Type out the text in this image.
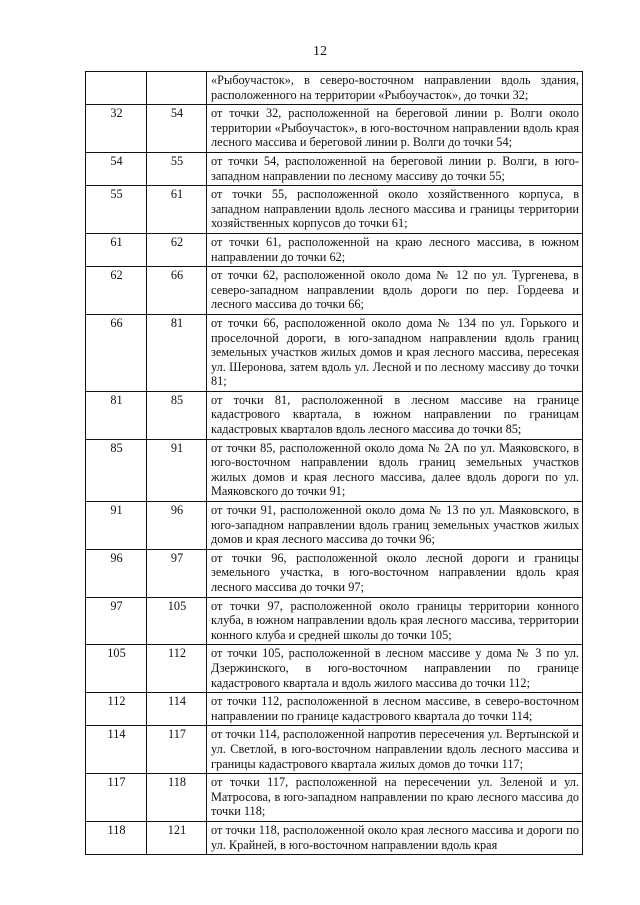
12
		«Рыбоучасток», в северо-восточном направлении вдоль здания, расположенного на территории «Рыбоучасток», до точки 32;
32	54	от точки 32, расположенной на береговой линии р. Волги около территории «Рыбоучасток», в юго-восточном направлении вдоль края лесного массива и береговой линии р. Волги до точки 54;
54	55	от точки 54, расположенной на береговой линии р. Волги, в юго-западном направлении по лесному массиву до точки 55;
55	61	от точки 55, расположенной около хозяйственного корпуса, в западном направлении вдоль лесного массива и границы территории хозяйственных корпусов до точки 61;
61	62	от точки 61, расположенной на краю лесного массива, в южном направлении до точки 62;
62	66	от точки 62, расположенной около дома № 12 по ул. Тургенева, в северо-западном направлении вдоль дороги по пер. Гордеева и лесного массива до точки 66;
66	81	от точки 66, расположенной около дома № 134 по ул. Горького и проселочной дороги, в юго-западном направлении вдоль границ земельных участков жилых домов и края лесного массива, пересекая ул. Шеронова, затем вдоль ул. Лесной и по лесному массиву до точки 81;
81	85	от точки 81, расположенной в лесном массиве на границе кадастрового квартала, в южном направлении по границам кадастровых кварталов вдоль лесного массива до точки 85;
85	91	от точки 85, расположенной около дома № 2А по ул. Маяковского, в юго-восточном направлении вдоль границ земельных участков жилых домов и края лесного массива, далее вдоль дороги по ул. Маяковского до точки 91;
91	96	от точки 91, расположенной около дома № 13 по ул. Маяковского, в юго-западном направлении вдоль границ земельных участков жилых домов и края лесного массива до точки 96;
96	97	от точки 96, расположенной около лесной дороги и границы земельного участка, в юго-восточном направлении вдоль края лесного массива до точки 97;
97	105	от точки 97, расположенной около границы территории конного клуба, в южном направлении вдоль края лесного массива, территории конного клуба и средней школы до точки 105;
105	112	от точки 105, расположенной в лесном массиве у дома № 3 по ул. Дзержинского, в юго-восточном направлении по границе кадастрового квартала и вдоль жилого массива до точки 112;
112	114	от точки 112, расположенной в лесном массиве, в северо-восточном направлении по границе кадастрового квартала до точки 114;
114	117	от точки 114, расположенной напротив пересечения ул. Вертынской и ул. Светлой, в юго-восточном направлении вдоль лесного массива и границы кадастрового квартала жилых домов до точки 117;
117	118	от точки 117, расположенной на пересечении ул. Зеленой и ул. Матросова, в юго-западном направлении по краю лесного массива до точки 118;
118	121	от точки 118, расположенной около края лесного массива и дороги по ул. Крайней, в юго-восточном направлении вдоль края
